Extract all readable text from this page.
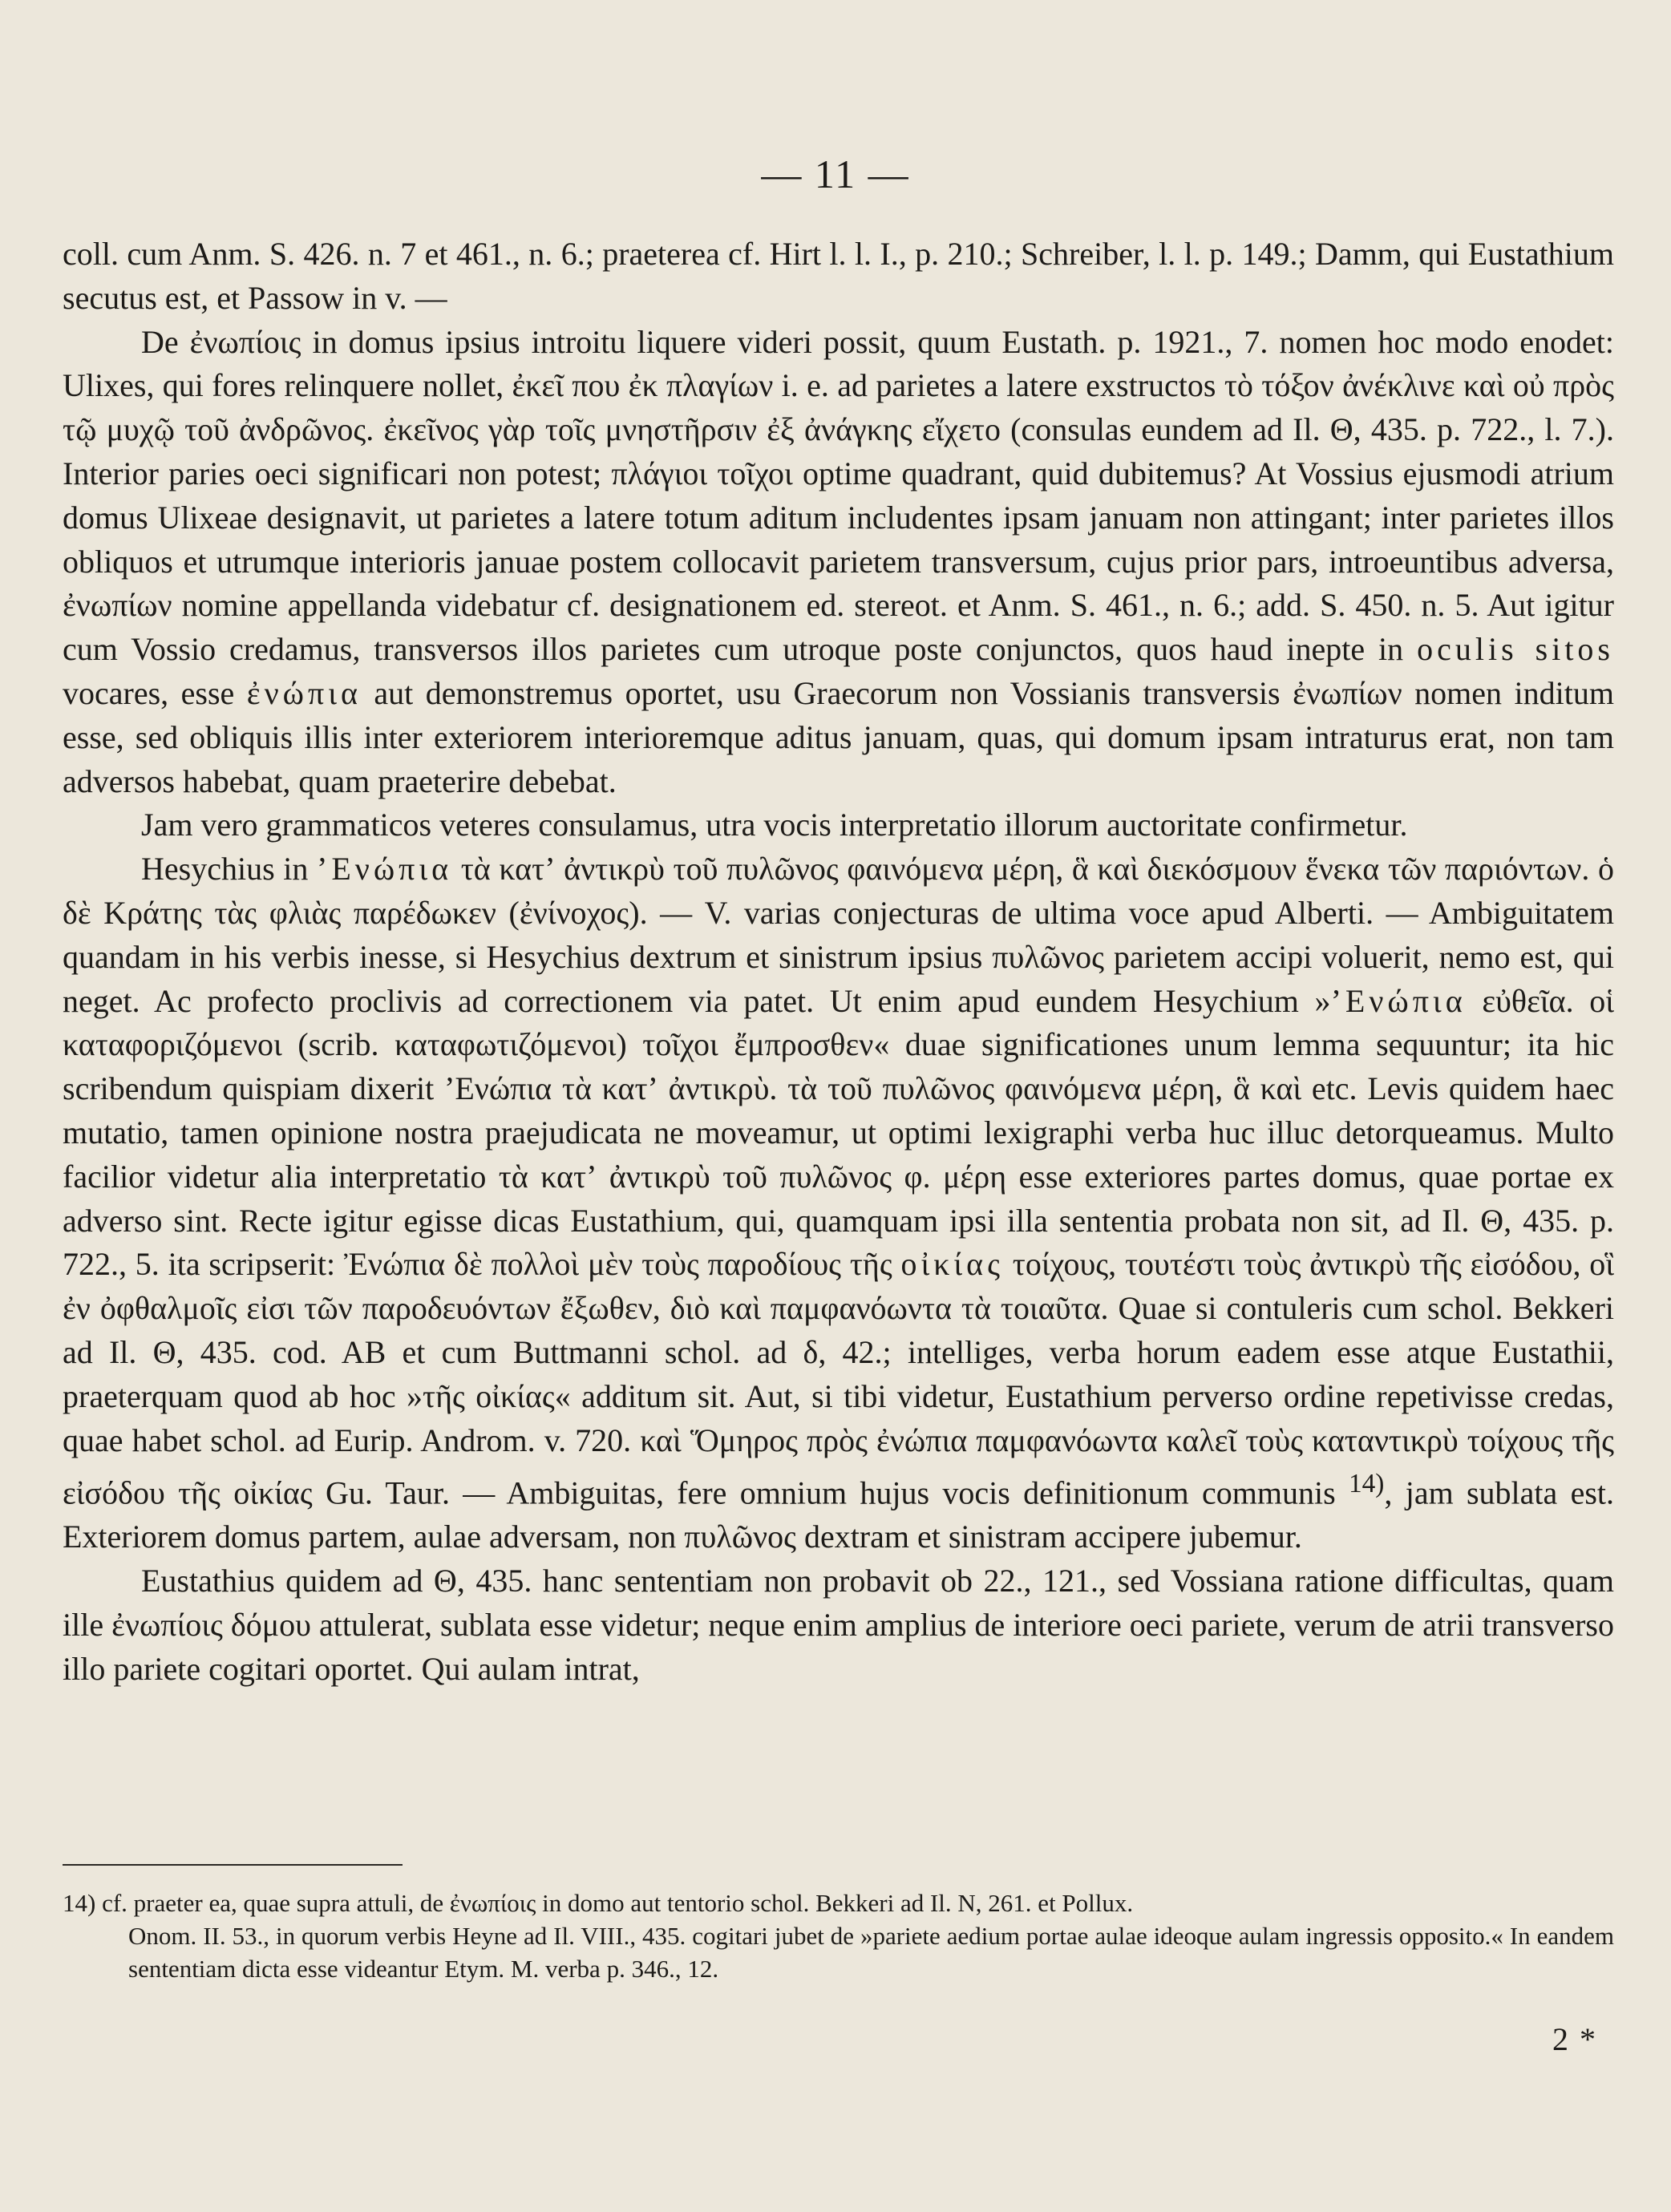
— 11 —

coll. cum Anm. S. 426. n. 7 et 461., n. 6.; praeterea cf. Hirt l. l. I., p. 210.; Schreiber, l. l. p. 149.; Damm, qui Eustathium secutus est, et Passow in v. —

De ἐνωπίοις in domus ipsius introitu liquere videri possit, quum Eustath. p. 1921., 7. nomen hoc modo enodet: Ulixes, qui fores relinquere nollet, ἐκεῖ που ἐκ πλαγίων i. e. ad parietes a latere exstructos τὸ τόξον ἀνέκλινε καὶ οὐ πρὸς τῷ μυχῷ τοῦ ἀνδρῶνος. ἐκεῖνος γὰρ τοῖς μνηστῆρσιν ἐξ ἀνάγκης εἴχετο (consulas eundem ad Il. Θ, 435. p. 722., l. 7.). Interior paries oeci significari non potest; πλάγιοι τοῖχοι optime quadrant, quid dubitemus? At Vossius ejusmodi atrium domus Ulixeae designavit, ut parietes a latere totum aditum includentes ipsam januam non attingant; inter parietes illos obliquos et utrumque interioris januae postem collocavit parietem transversum, cujus prior pars, introeuntibus adversa, ἐνωπίων nomine appellanda videbatur cf. designationem ed. stereot. et Anm. S. 461., n. 6.; add. S. 450. n. 5. Aut igitur cum Vossio credamus, transversos illos parietes cum utroque poste conjunctos, quos haud inepte in oculis sitos vocares, esse ἐνώπια aut demonstremus oportet, usu Graecorum non Vossianis transversis ἐνωπίων nomen inditum esse, sed obliquis illis inter exteriorem interioremque aditus januam, quas, qui domum ipsam intraturus erat, non tam adversos habebat, quam praeterire debebat.

Jam vero grammaticos veteres consulamus, utra vocis interpretatio illorum auctoritate confirmetur.

Hesychius in ʼΕνώπια τὰ κατʼ ἀντικρὺ τοῦ πυλῶνος φαινόμενα μέρη, ἃ καὶ διεκόσμουν ἕνεκα τῶν παριόντων. ὁ δὲ Κράτης τὰς φλιὰς παρέδωκεν (ἐνίνοχος). — V. varias conjecturas de ultima voce apud Alberti. — Ambiguitatem quandam in his verbis inesse, si Hesychius dextrum et sinistrum ipsius πυλῶνος parietem accipi voluerit, nemo est, qui neget. Ac profecto proclivis ad correctionem via patet. Ut enim apud eundem Hesychium »ʼΕνώπια εὐθεῖα. οἱ καταφοριζόμενοι (scrib. καταφωτιζόμενοι) τοῖχοι ἔμπροσθεν« duae significationes unum lemma sequuntur; ita hic scribendum quispiam dixerit ʼΕνώπια τὰ κατʼ ἀντικρὺ. τὰ τοῦ πυλῶνος φαινόμενα μέρη, ἃ καὶ etc. Levis quidem haec mutatio, tamen opinione nostra praejudicata ne moveamur, ut optimi lexigraphi verba huc illuc detorqueamus. Multo facilior videtur alia interpretatio τὰ κατʼ ἀντικρὺ τοῦ πυλῶνος φ. μέρη esse exteriores partes domus, quae portae ex adverso sint. Recte igitur egisse dicas Eustathium, qui, quamquam ipsi illa sententia probata non sit, ad Il. Θ, 435. p. 722., 5. ita scripserit: Ἐνώπια δὲ πολλοὶ μὲν τοὺς παροδίους τῆς οἰκίας τοίχους, τουτέστι τοὺς ἀντικρὺ τῆς εἰσόδου, οἳ ἐν ὀφθαλμοῖς εἰσι τῶν παροδευόντων ἔξωθεν, διὸ καὶ παμφανόωντα τὰ τοιαῦτα. Quae si contuleris cum schol. Bekkeri ad Il. Θ, 435. cod. AB et cum Buttmanni schol. ad δ, 42.; intelliges, verba horum eadem esse atque Eustathii, praeterquam quod ab hoc »τῆς οἰκίας« additum sit. Aut, si tibi videtur, Eustathium perverso ordine repetivisse credas, quae habet schol. ad Eurip. Androm. v. 720. καὶ Ὅμηρος πρὸς ἐνώπια παμφανόωντα καλεῖ τοὺς καταντικρὺ τοίχους τῆς εἰσόδου τῆς οἰκίας Gu. Taur. — Ambiguitas, fere omnium hujus vocis definitionum communis $^{14)}$, jam sublata est. Exteriorem domus partem, aulae adversam, non πυλῶνος dextram et sinistram accipere jubemur.

Eustathius quidem ad Θ, 435. hanc sententiam non probavit ob 22., 121., sed Vossiana ratione difficultas, quam ille ἐνωπίοις δόμου attulerat, sublata esse videtur; neque enim amplius de interiore oeci pariete, verum de atrii transverso illo pariete cogitari oportet. Qui aulam intrat,

14) cf. praeter ea, quae supra attuli, de ἐνωπίοις in domo aut tentorio schol. Bekkeri ad Il. N, 261. et Pollux.

Onom. II. 53., in quorum verbis Heyne ad Il. VIII., 435. cogitari jubet de »pariete aedium portae aulae ideoque aulam ingressis opposito.« In eandem sententiam dicta esse videantur Etym. M. verba p. 346., 12.

2 *
